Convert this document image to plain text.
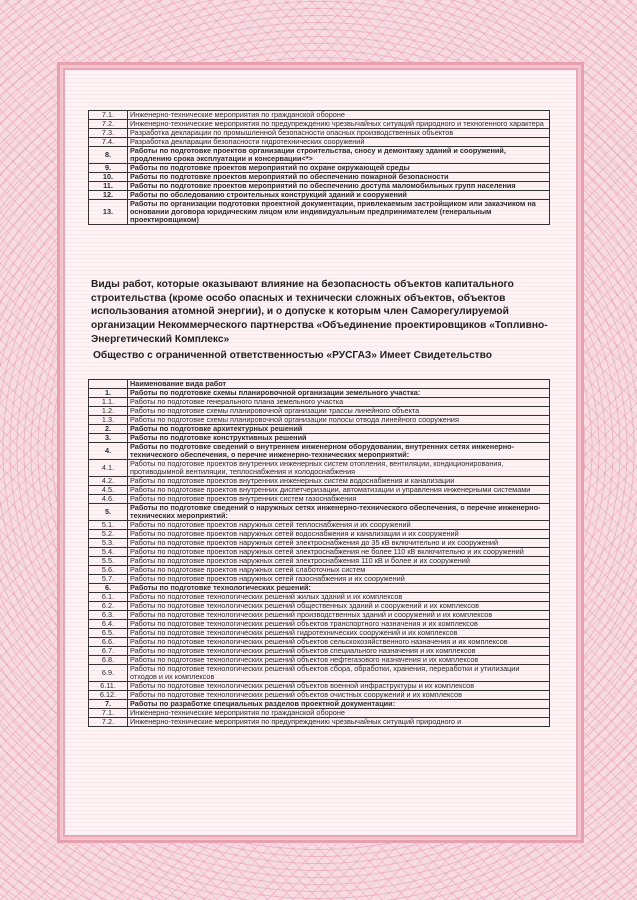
7.1.	Инженерно-технические мероприятия по гражданской обороне
7.2.	Инженерно-технические мероприятия по предупреждению чрезвычайных ситуаций природного и техногенного характера
7.3.	Разработка декларации по промышленной безопасности опасных производственных объектов
7.4.	Разработка декларации безопасности гидротехнических сооружений
8.	Работы по подготовке проектов организации строительства, сносу и демонтажу зданий и сооружений, продлению срока эксплуатации и консервации<*>
9.	Работы по подготовке проектов мероприятий по охране окружающей среды
10.	Работы по подготовке проектов мероприятий по обеспечению пожарной безопасности
11.	Работы по подготовке проектов мероприятий по обеспечению доступа маломобильных групп населения
12.	Работы по обследованию строительных конструкций зданий и сооружений
13.	Работы по организации подготовки проектной документации, привлекаемым застройщиком или заказчиком на основании договора юридическим лицом или индивидуальным предпринимателем (генеральным проектировщиком)

Виды работ, которые оказывают влияние на безопасность объектов капитального строительства (кроме особо опасных и технически сложных объектов, объектов использования атомной энергии), и о допуске к которым член Саморегулируемой организации Некоммерческого партнерства «Объединение проектировщиков «Топливно-Энергетический Комплекс»

Общество с ограниченной ответственностью «РУСГАЗ» Имеет Свидетельство

	Наименование вида работ
1.	Работы по подготовке схемы планировочной организации земельного участка:
1.1.	Работы по подготовке генерального плана земельного участка
1.2.	Работы по подготовке схемы планировочной организации трассы линейного объекта
1.3.	Работы по подготовке схемы планировочной организации полосы отвода линейного сооружения
2.	Работы по подготовке архитектурных решений
3.	Работы по подготовке конструктивных решений
4.	Работы по подготовке сведений о внутреннем инженерном оборудовании, внутренних сетях инженерно-технического обеспечения, о перечне инженерно-технических мероприятий:
4.1.	Работы по подготовке проектов внутренних инженерных систем отопления, вентиляции, кондиционирования, противодымной вентиляции, теплоснабжения и холодоснабжения
4.2.	Работы по подготовке проектов внутренних инженерных систем водоснабжения и канализации
4.5.	Работы по подготовке проектов внутренних диспетчеризации, автоматизации и управления инженерными системами
4.6.	Работы по подготовке проектов внутренних систем газоснабжения
5.	Работы по подготовке сведений о наружных сетях инженерно-технического обеспечения, о перечне инженерно-технических мероприятий:
5.1.	Работы по подготовке проектов наружных сетей теплоснабжения и их сооружений
5.2.	Работы по подготовке проектов наружных сетей водоснабжения и канализации и их сооружений
5.3.	Работы по подготовке проектов наружных сетей электроснабжения до 35 кВ включительно и их сооружений
5.4.	Работы по подготовке проектов наружных сетей электроснабжения не более 110 кВ включительно и их сооружений
5.5.	Работы по подготовке проектов наружных сетей электроснабжения 110 кВ и более и их сооружений
5.6.	Работы по подготовке проектов наружных сетей слаботочных систем
5.7.	Работы по подготовке проектов наружных сетей газоснабжения и их сооружений
6.	Работы по подготовке технологических решений:
6.1.	Работы по подготовке технологических решений жилых зданий и их комплексов
6.2.	Работы по подготовке технологических решений общественных зданий и сооружений и их комплексов
6.3.	Работы по подготовке технологических решений производственных зданий и сооружений и их комплексов
6.4.	Работы по подготовке технологических решений объектов транспортного назначения и их комплексов
6.5.	Работы по подготовке технологических решений гидротехнических сооружений и их комплексов
6.6.	Работы по подготовке технологических решений объектов сельскохозяйственного назначения и их комплексов
6.7.	Работы по подготовке технологических решений объектов специального назначения и их комплексов
6.8.	Работы по подготовке технологических решений объектов нефтегазового назначения и их комплексов
6.9.	Работы по подготовке технологических решений объектов сбора, обработки, хранения, переработки и утилизации отходов и их комплексов
6.11.	Работы по подготовке технологических решений объектов военной инфраструктуры и их комплексов
6.12.	Работы по подготовке технологических решений объектов очистных сооружений и их комплексов
7.	Работы по разработке специальных разделов проектной документации:
7.1.	Инженерно-технические мероприятия по гражданской обороне
7.2.	Инженерно-технические мероприятия по предупреждению чрезвычайных ситуаций природного и
